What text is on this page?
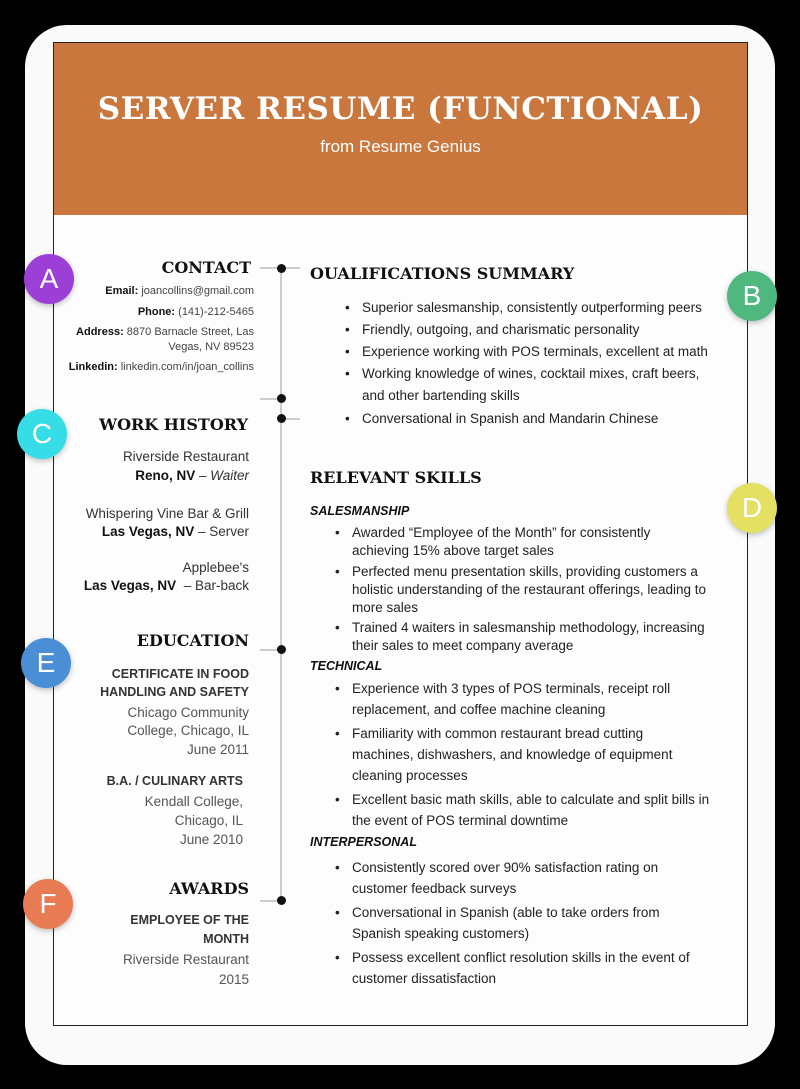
SERVER RESUME (FUNCTIONAL)
from Resume Genius
CONTACT
Email: joancollins@gmail.com
Phone: (141)-212-5465
Address: 8870 Barnacle Street, Las
Vegas, NV 89523
Linkedin: linkedin.com/in/joan_collins
WORK HISTORY
Riverside Restaurant
Reno, NV – Waiter
Whispering Vine Bar & Grill
Las Vegas, NV – Server
Applebee's
Las Vegas, NV  – Bar-back
EDUCATION
CERTIFICATE IN FOOD
HANDLING AND SAFETY
Chicago Community
College, Chicago, IL
June 2011
B.A. / CULINARY ARTS
Kendall College,
Chicago, IL
June 2010
AWARDS
EMPLOYEE OF THE
MONTH
Riverside Restaurant
2015
OUALIFICATIONS SUMMARY
• Superior salesmanship, consistently outperforming peers
• Friendly, outgoing, and charismatic personality
• Experience working with POS terminals, excellent at math
• Working knowledge of wines, cocktail mixes, craft beers, and other bartending skills
• Conversational in Spanish and Mandarin Chinese
RELEVANT SKILLS
SALESMANSHIP
• Awarded “Employee of the Month” for consistently achieving 15% above target sales
• Perfected menu presentation skills, providing customers a holistic understanding of the restaurant offerings, leading to more sales
• Trained 4 waiters in salesmanship methodology, increasing their sales to meet company average
TECHNICAL
• Experience with 3 types of POS terminals, receipt roll replacement, and coffee machine cleaning
• Familiarity with common restaurant bread cutting machines, dishwashers, and knowledge of equipment cleaning processes
• Excellent basic math skills, able to calculate and split bills in the event of POS terminal downtime
INTERPERSONAL
• Consistently scored over 90% satisfaction rating on customer feedback surveys
• Conversational in Spanish (able to take orders from Spanish speaking customers)
• Possess excellent conflict resolution skills in the event of customer dissatisfaction
A
B
C
D
E
F
